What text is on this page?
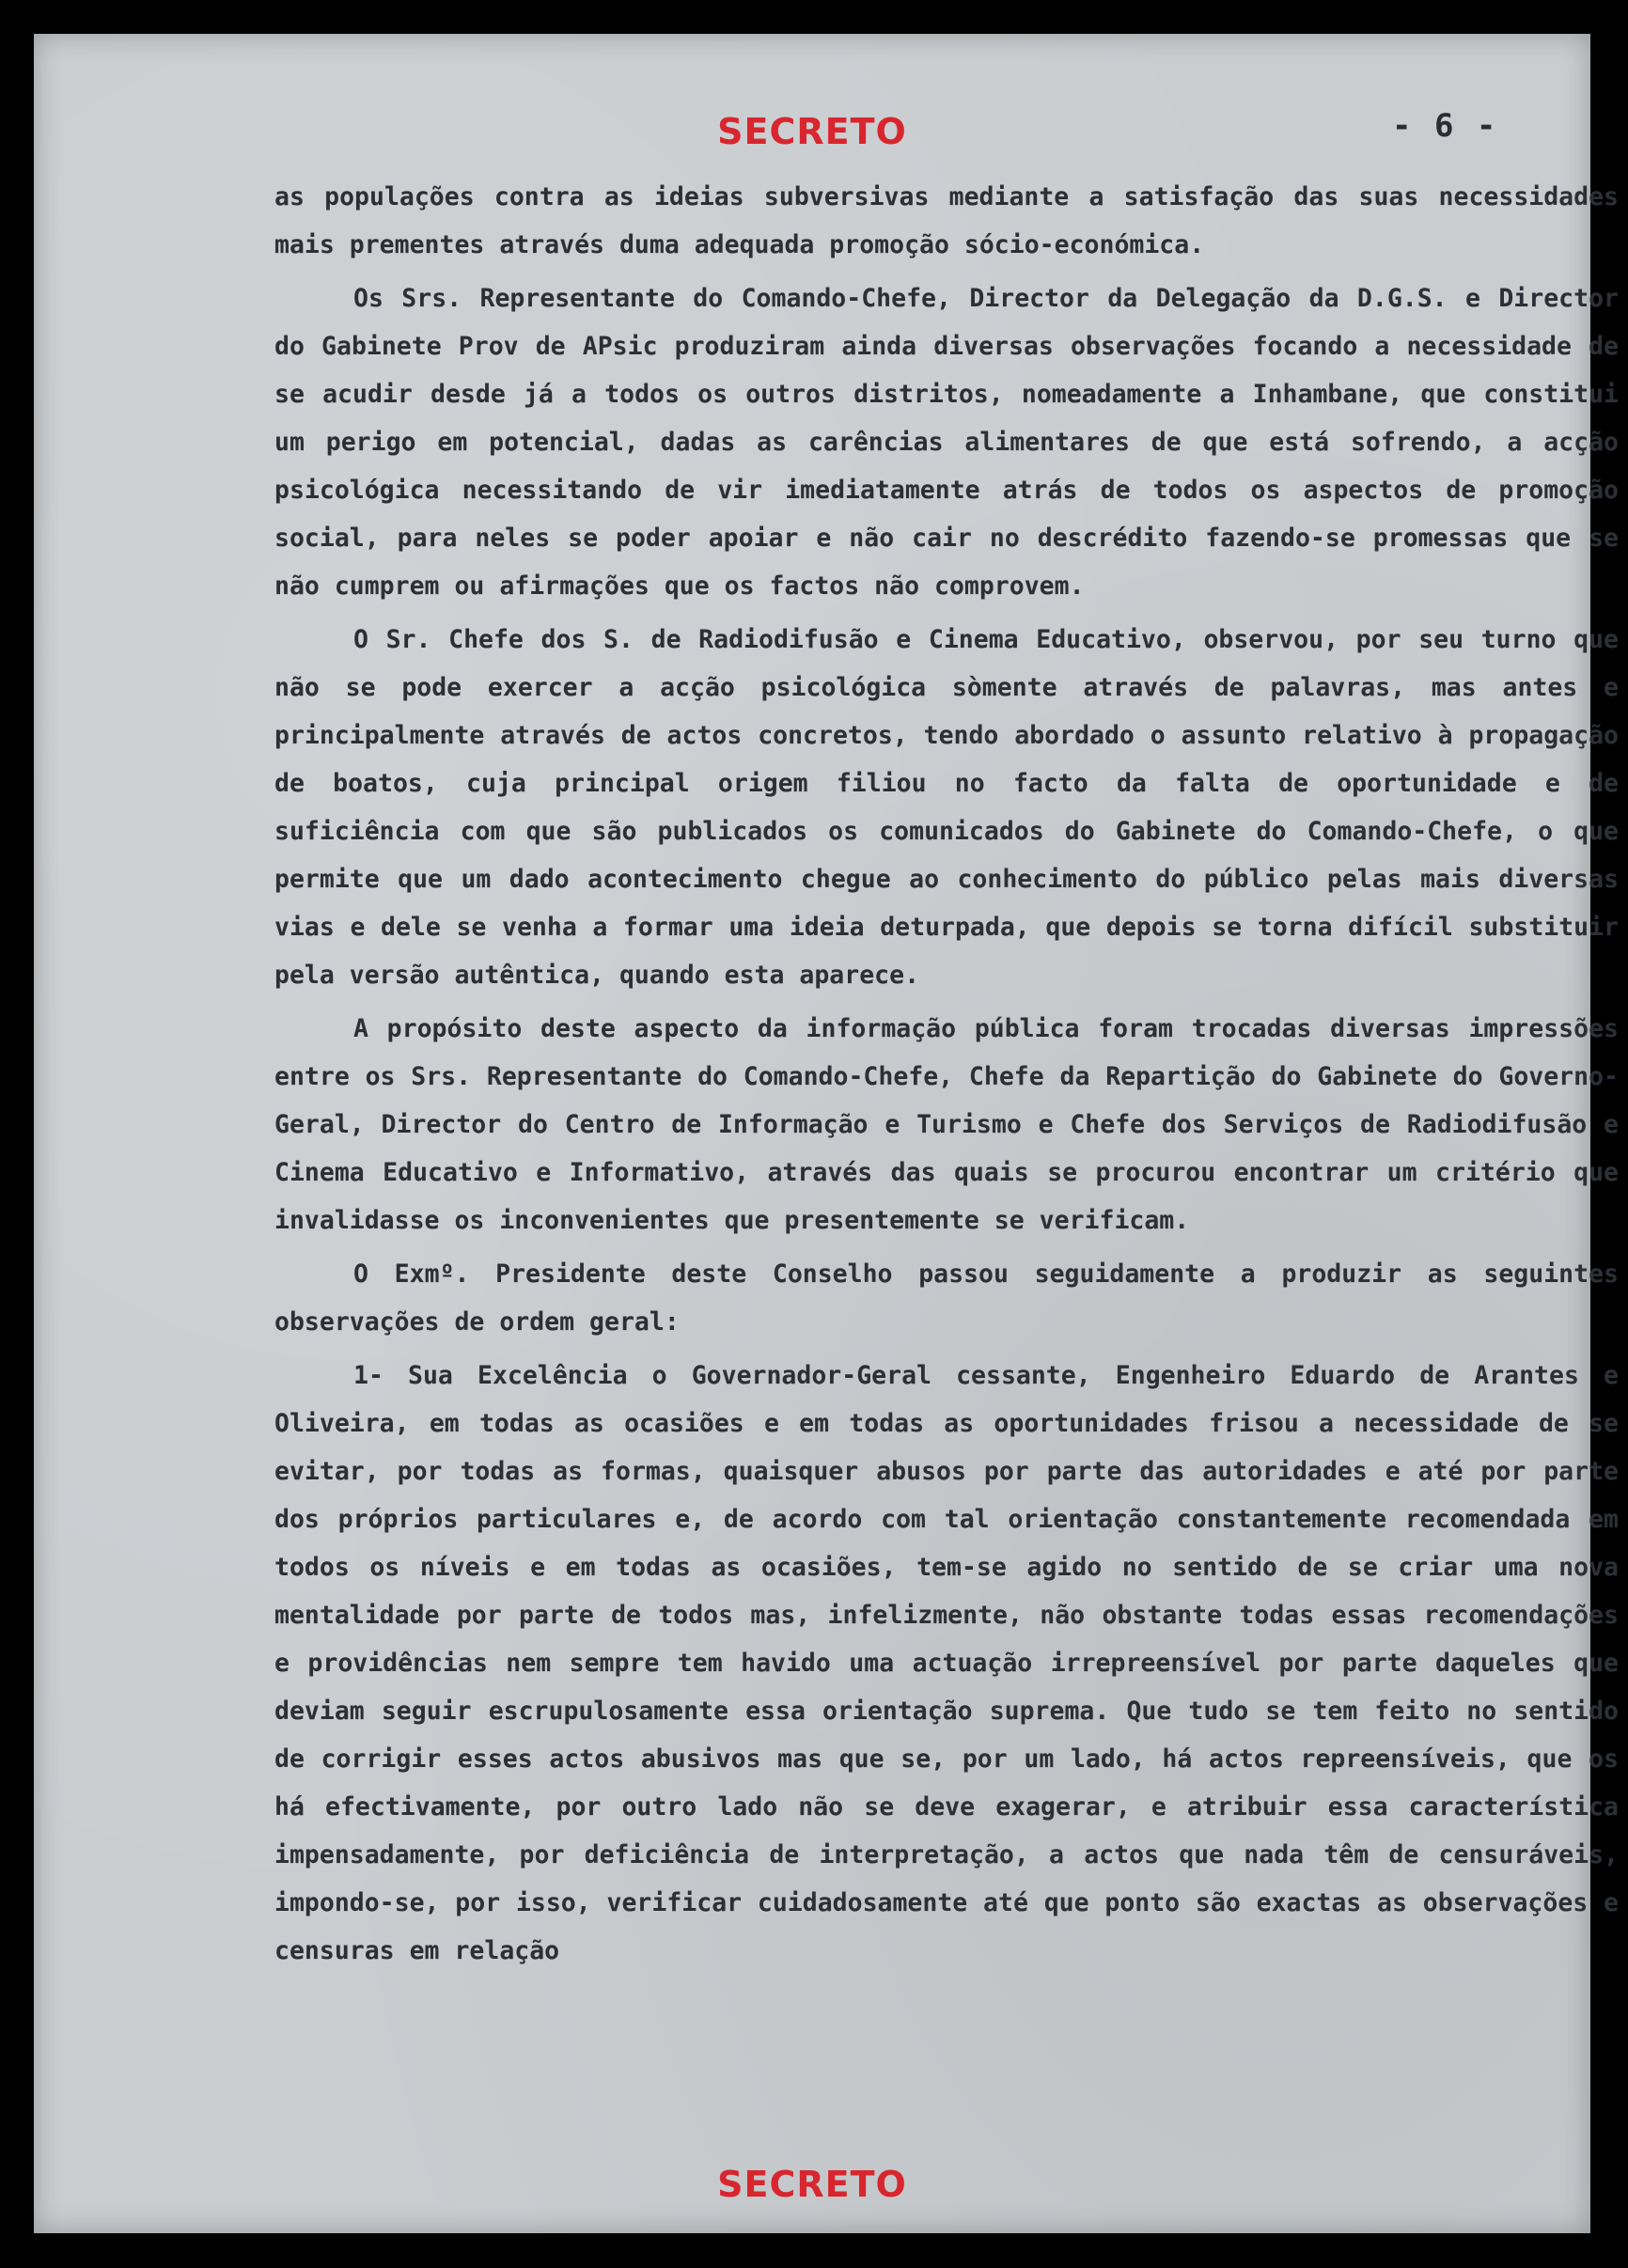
SECRETO	- 6 -

as populações contra as ideias subversivas mediante a satisfação das suas necessidades mais prementes através duma adequada promoção sócio-económica.

Os Srs. Representante do Comando-Chefe, Director da Delegação da D.G.S. e Director do Gabinete Prov de APsic produziram ainda diversas observações focando a necessidade de se acudir desde já a todos os outros distritos, nomeadamente a Inhambane, que constitui um perigo em potencial, dadas as carências alimentares de que está sofrendo, a acção psicológica necessitando de vir imediatamente atrás de todos os aspectos de promoção social, para neles se poder apoiar e não cair no descrédito fazendo-se promessas que se não cumprem ou afirmações que os factos não comprovem.

O Sr. Chefe dos S. de Radiodifusão e Cinema Educativo, observou, por seu turno que não se pode exercer a acção psicológica sòmente através de palavras, mas antes e principalmente através de actos concretos, tendo abordado o assunto relativo à propagação de boatos, cuja principal origem filiou no facto da falta de oportunidade e de suficiência com que são publicados os comunicados do Gabinete do Comando-Chefe, o que permite que um dado acontecimento chegue ao conhecimento do público pelas mais diversas vias e dele se venha a formar uma ideia deturpada, que depois se torna difícil substituir pela versão autêntica, quando esta aparece.

A propósito deste aspecto da informação pública foram trocadas diversas impressões entre os Srs. Representante do Comando-Chefe, Chefe da Repartição do Gabinete do Governo-Geral, Director do Centro de Informação e Turismo e Chefe dos Serviços de Radiodifusão e Cinema Educativo e Informativo, através das quais se procurou encontrar um critério que invalidasse os inconvenientes que presentemente se verificam.

O Exmº. Presidente deste Conselho passou seguidamente a produzir as seguintes observações de ordem geral:

1- Sua Excelência o Governador-Geral cessante, Engenheiro Eduardo de Arantes e Oliveira, em todas as ocasiões e em todas as oportunidades frisou a necessidade de se evitar, por todas as formas, quaisquer abusos por parte das autoridades e até por parte dos próprios particulares e, de acordo com tal orientação constantemente recomendada em todos os níveis e em todas as ocasiões, tem-se agido no sentido de se criar uma nova mentalidade por parte de todos mas, infelizmente, não obstante todas essas recomendações e providências nem sempre tem havido uma actuação irrepreensível por parte daqueles que deviam seguir escrupulosamente essa orientação suprema. Que tudo se tem feito no sentido de corrigir esses actos abusivos mas que se, por um lado, há actos repreensíveis, que os há efectivamente, por outro lado não se deve exagerar, e atribuir essa característica impensadamente, por deficiência de interpretação, a actos que nada têm de censuráveis, impondo-se, por isso, verificar cuidadosamente até que ponto são exactas as observações e censuras em relação

SECRETO
